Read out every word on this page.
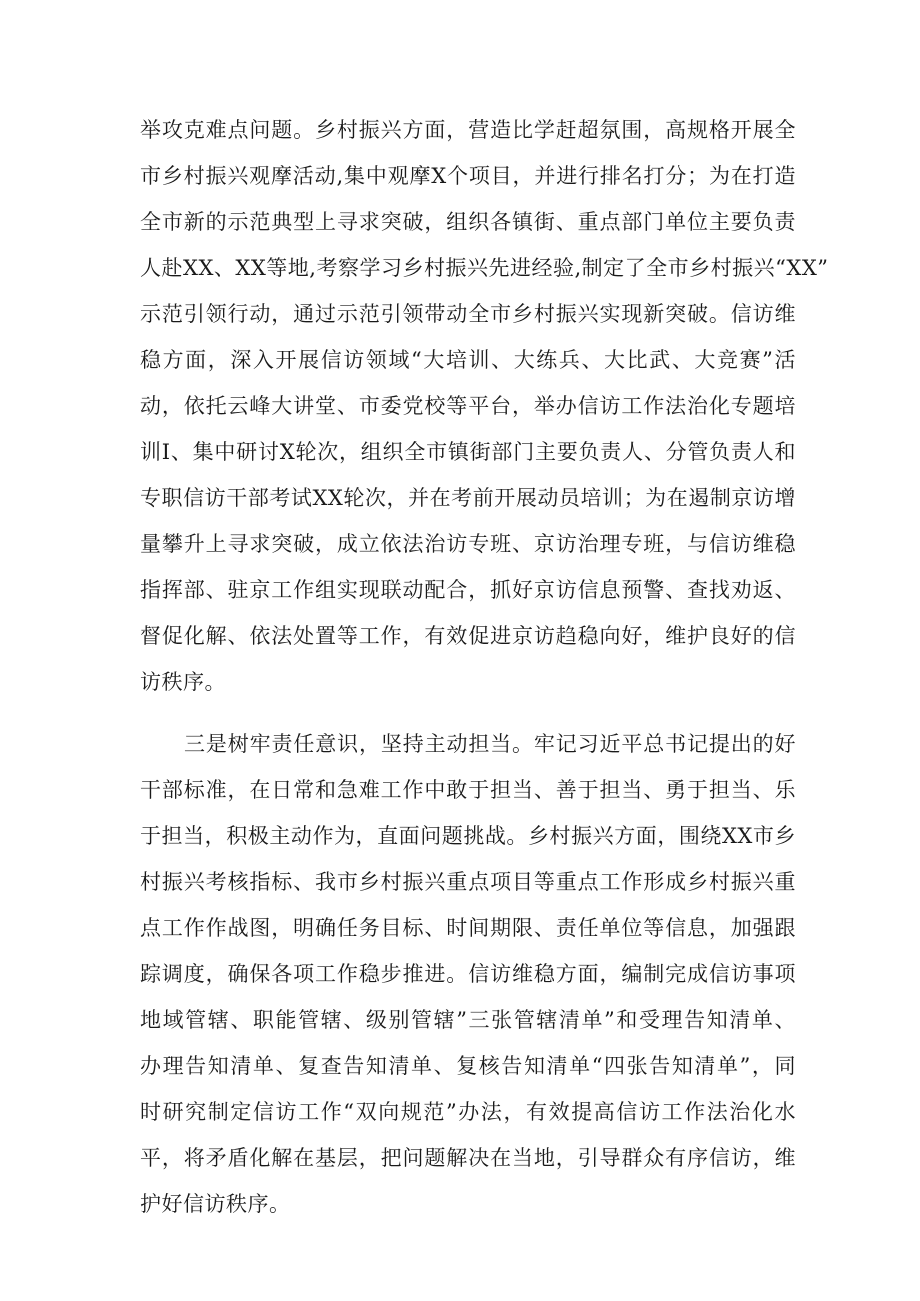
举攻克难点问题。乡村振兴方面，营造比学赶超氛围，高规格开展全
市乡村振兴观摩活动,集中观摩X个项目，并进行排名打分；为在打造
全市新的示范典型上寻求突破，组织各镇街、重点部门单位主要负责
人赴XX、XX等地,考察学习乡村振兴先进经验,制定了全市乡村振兴“XX”
示范引领行动，通过示范引领带动全市乡村振兴实现新突破。信访维
稳方面，深入开展信访领域“大培训、大练兵、大比武、大竞赛”活
动，依托云峰大讲堂、市委党校等平台，举办信访工作法治化专题培
训I、集中研讨X轮次，组织全市镇街部门主要负责人、分管负责人和
专职信访干部考试XX轮次，并在考前开展动员培训；为在遏制京访增
量攀升上寻求突破，成立依法治访专班、京访治理专班，与信访维稳
指挥部、驻京工作组实现联动配合，抓好京访信息预警、查找劝返、
督促化解、依法处置等工作，有效促进京访趋稳向好，维护良好的信
访秩序。
三是树牢责任意识，坚持主动担当。牢记习近平总书记提出的好
干部标准，在日常和急难工作中敢于担当、善于担当、勇于担当、乐
于担当，积极主动作为，直面问题挑战。乡村振兴方面，围绕XX市乡
村振兴考核指标、我市乡村振兴重点项目等重点工作形成乡村振兴重
点工作作战图，明确任务目标、时间期限、责任单位等信息，加强跟
踪调度，确保各项工作稳步推进。信访维稳方面，编制完成信访事项
地域管辖、职能管辖、级别管辖”三张管辖清单”和受理告知清单、
办理告知清单、复查告知清单、复核告知清单“四张告知清单”，同
时研究制定信访工作“双向规范”办法，有效提高信访工作法治化水
平，将矛盾化解在基层，把问题解决在当地，引导群众有序信访，维
护好信访秩序。
